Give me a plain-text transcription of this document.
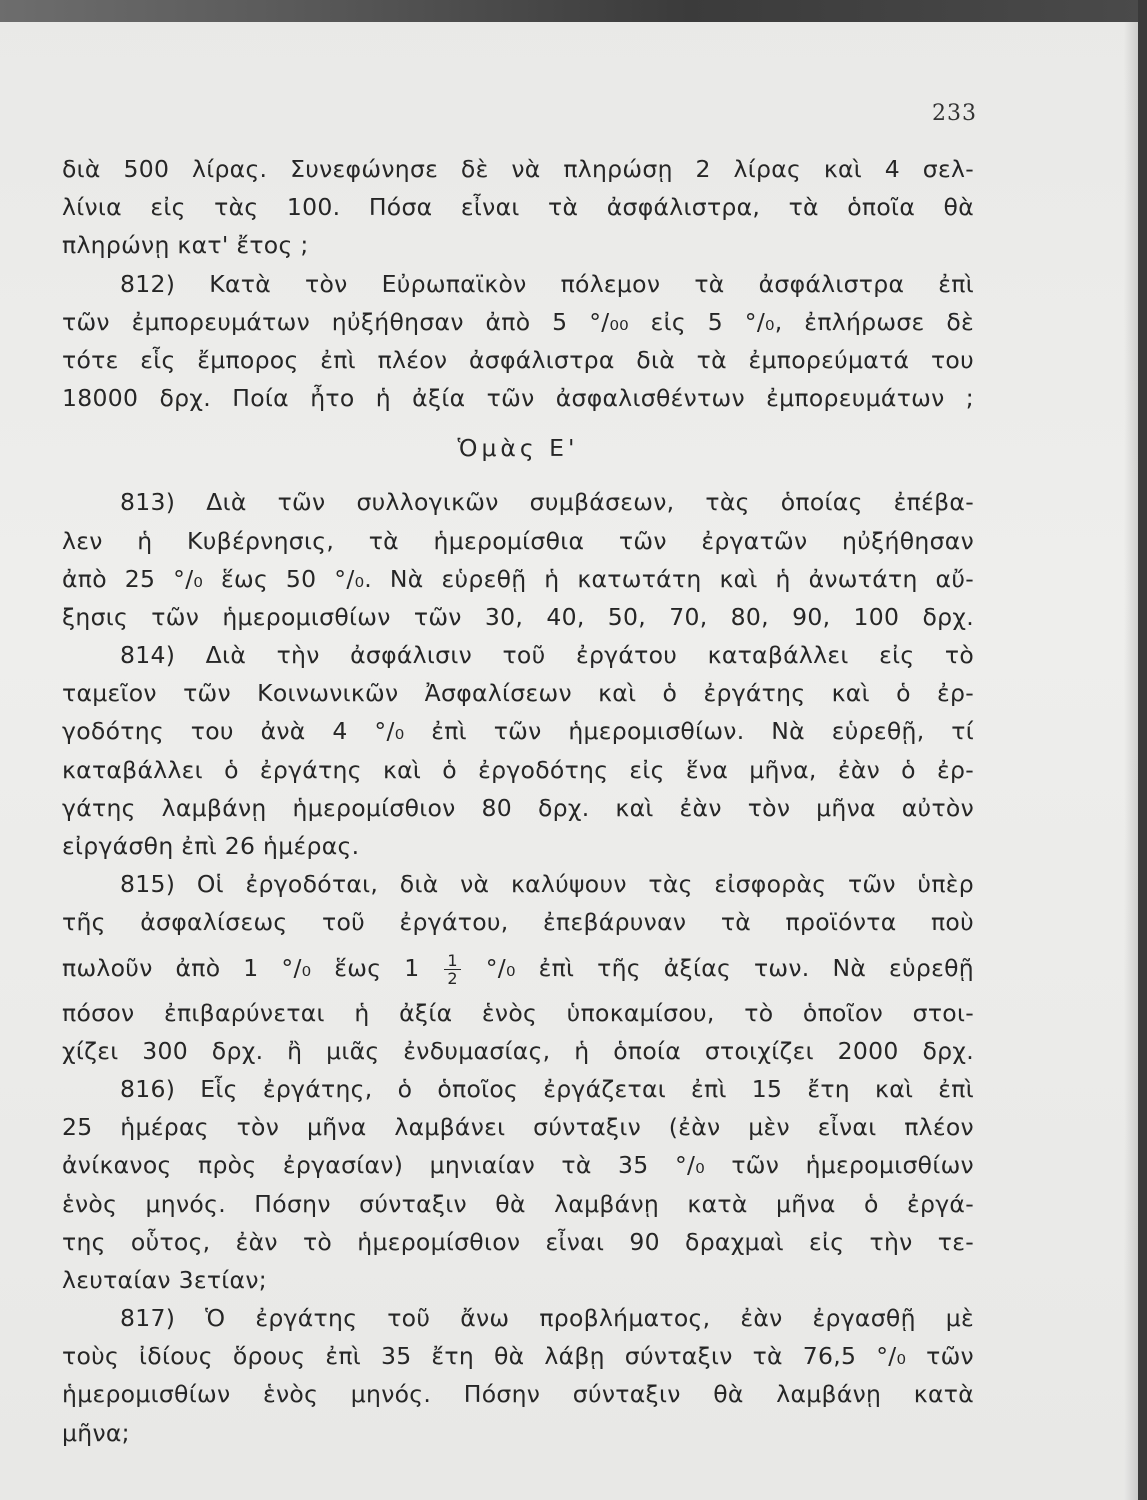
233
διὰ 500 λίρας. Συνεφώνησε δὲ νὰ πληρώσῃ 2 λίρας καὶ 4 σελ-
λίνια εἰς τὰς 100. Πόσα εἶναι τὰ ἀσφάλιστρα, τὰ ὁποῖα θὰ
πληρώνῃ κατ' ἔτος ;
812) Κατὰ τὸν Εὐρωπαϊκὸν πόλεμον τὰ ἀσφάλιστρα ἐπὶ
τῶν ἐμπορευμάτων ηὐξήθησαν ἀπὸ 5 °/₀₀ εἰς 5 °/₀, ἐπλήρωσε δὲ
τότε εἷς ἔμπορος ἐπὶ πλέον ἀσφάλιστρα διὰ τὰ ἐμπορεύματά του
18000 δρχ. Ποία ἦτο ἡ ἀξία τῶν ἀσφαλισθέντων ἐμπορευμάτων ;
Ὁμὰς Ε'
813) Διὰ τῶν συλλογικῶν συμβάσεων, τὰς ὁποίας ἐπέβα-
λεν ἡ Κυβέρνησις, τὰ ἡμερομίσθια τῶν ἐργατῶν ηὐξήθησαν
ἀπὸ 25 °/₀ ἕως 50 °/₀. Νὰ εὑρεθῇ ἡ κατωτάτη καὶ ἡ ἀνωτάτη αὔ-
ξησις τῶν ἡμερομισθίων τῶν 30, 40, 50, 70, 80, 90, 100 δρχ.
814) Διὰ τὴν ἀσφάλισιν τοῦ ἐργάτου καταβάλλει εἰς τὸ
ταμεῖον τῶν Κοινωνικῶν Ἀσφαλίσεων καὶ ὁ ἐργάτης καὶ ὁ ἐρ-
γοδότης του ἀνὰ 4 °/₀ ἐπὶ τῶν ἡμερομισθίων. Νὰ εὑρεθῇ, τί
καταβάλλει ὁ ἐργάτης καὶ ὁ ἐργοδότης εἰς ἕνα μῆνα, ἐὰν ὁ ἐρ-
γάτης λαμβάνῃ ἡμερομίσθιον 80 δρχ. καὶ ἐὰν τὸν μῆνα αὐτὸν
εἰργάσθη ἐπὶ 26 ἡμέρας.
815) Οἱ ἐργοδόται, διὰ νὰ καλύψουν τὰς εἰσφορὰς τῶν ὑπὲρ
τῆς ἀσφαλίσεως τοῦ ἐργάτου, ἐπεβάρυναν τὰ προϊόντα ποὺ
πωλοῦν ἀπὸ 1 °/₀ ἕως $1 \frac{1}{2} ^\circ/_0$ ἐπὶ τῆς ἀξίας των. Νὰ εὑρεθῇ
πόσον ἐπιβαρύνεται ἡ ἀξία ἑνὸς ὑποκαμίσου, τὸ ὁποῖον στοι-
χίζει 300 δρχ. ἢ μιᾶς ἐνδυμασίας, ἡ ὁποία στοιχίζει 2000 δρχ.
816) Εἷς ἐργάτης, ὁ ὁποῖος ἐργάζεται ἐπὶ 15 ἔτη καὶ ἐπὶ
25 ἡμέρας τὸν μῆνα λαμβάνει σύνταξιν (ἐὰν μὲν εἶναι πλέον
ἀνίκανος πρὸς ἐργασίαν) μηνιαίαν τὰ 35 °/₀ τῶν ἡμερομισθίων
ἑνὸς μηνός. Πόσην σύνταξιν θὰ λαμβάνῃ κατὰ μῆνα ὁ ἐργά-
της οὗτος, ἐὰν τὸ ἡμερομίσθιον εἶναι 90 δραχμαὶ εἰς τὴν τε-
λευταίαν 3ετίαν;
817) Ὁ ἐργάτης τοῦ ἄνω προβλήματος, ἐὰν ἐργασθῇ μὲ
τοὺς ἰδίους ὅρους ἐπὶ 35 ἔτη θὰ λάβῃ σύνταξιν τὰ 76,5 °/₀ τῶν
ἡμερομισθίων ἑνὸς μηνός. Πόσην σύνταξιν θὰ λαμβάνῃ κατὰ
μῆνα;
